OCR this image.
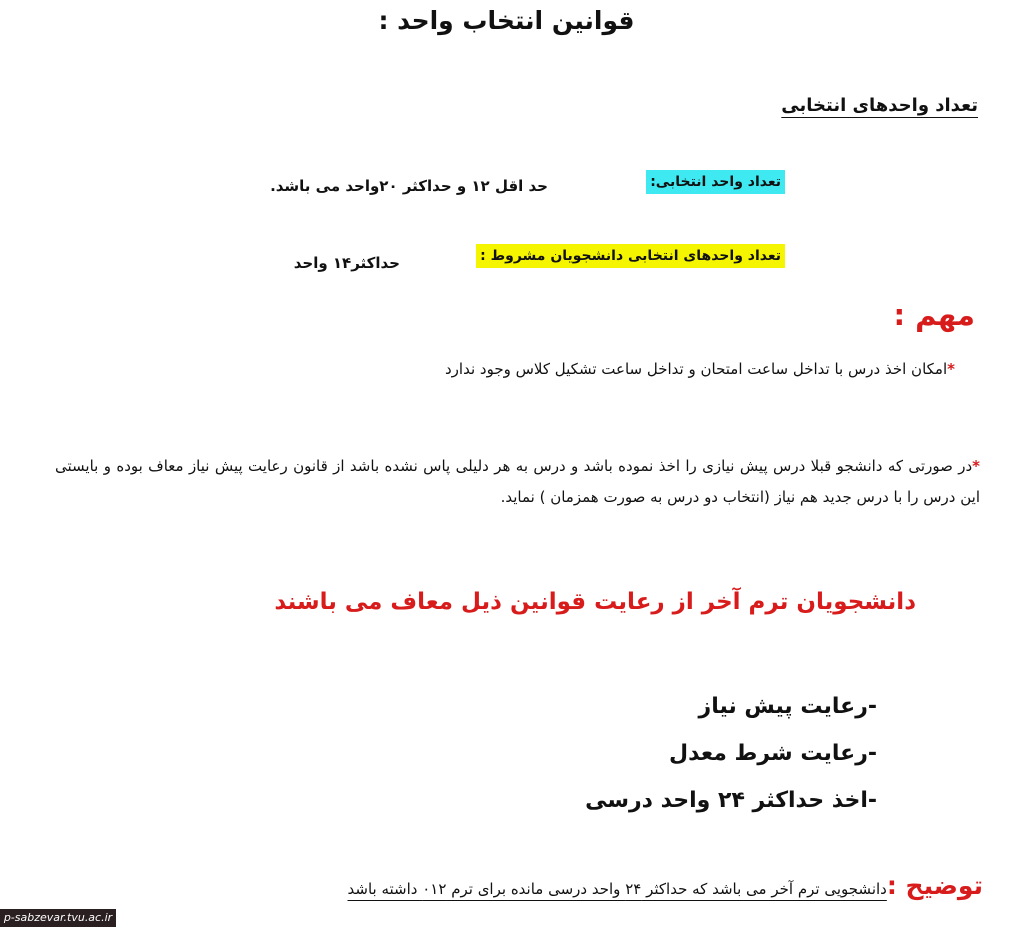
قوانین انتخاب واحد :
تعداد واحدهای انتخابی
تعداد واحد انتخابی:
حد اقل ۱۲ و حداکثر ۲۰واحد می باشد.
تعداد واحدهای انتخابی دانشجویان مشروط :
حداکثر۱۴ واحد
مهم :
*امکان اخذ درس با تداخل ساعت امتحان و تداخل ساعت تشکیل کلاس وجود ندارد
*در صورتی که دانشجو قبلا درس پیش نیازی را اخذ نموده باشد و درس به هر دلیلی پاس نشده باشد از قانون رعایت پیش نیاز معاف بوده و بایستی این درس را با درس جدید هم نیاز (انتخاب دو درس به صورت همزمان ) نماید.
دانشجویان ترم آخر از رعایت قوانین ذیل معاف می باشند
-رعایت پیش نیاز
-رعایت شرط معدل
-اخذ حداکثر ۲۴ واحد درسی
توضیح :دانشجویی ترم آخر می باشد که حداکثر ۲۴ واحد درسی مانده برای ترم ۰۱۲ داشته باشد
p-sabzevar.tvu.ac.ir
